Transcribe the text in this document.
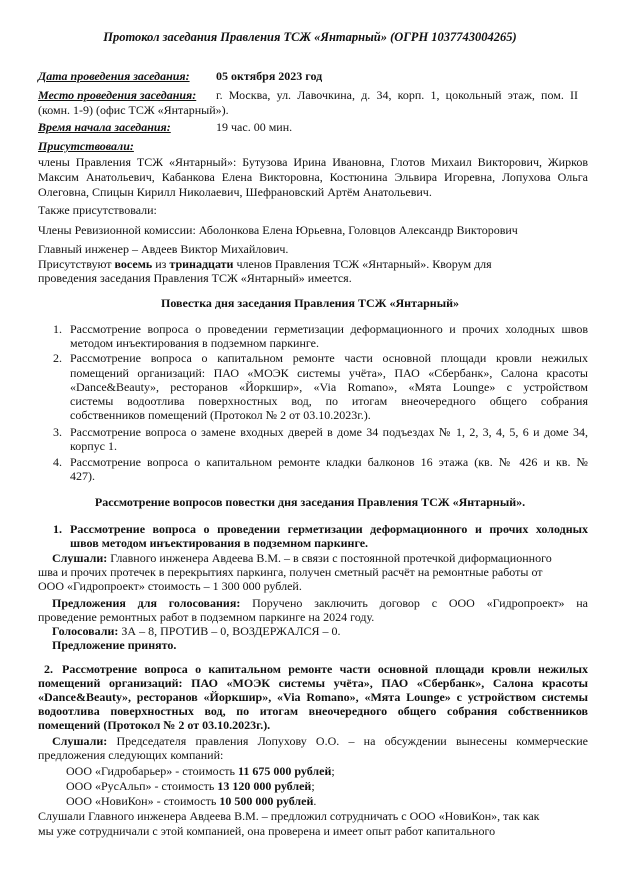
Протокол заседания Правления ТСЖ «Янтарный» (ОГРН 1037743004265)
Дата проведения заседания: 05 октября 2023 год
Место проведения заседания: г. Москва, ул. Лавочкина, д. 34, корп. 1, цокольный этаж, пом. II
(комн. 1-9) (офис ТСЖ «Янтарный»).
Время начала заседания:	19 час. 00 мин.
Присутствовали:
члены Правления ТСЖ «Янтарный»: Бутузова Ирина Ивановна, Глотов Михаил Викторович, Жирков
Максим Анатольевич, Кабанкова Елена Викторовна, Костюнина Эльвира Игоревна, Лопухова Ольга
Олеговна, Спицын Кирилл Николаевич, Шефрановский Артём Анатольевич.
Также присутствовали:
Члены Ревизионной комиссии: Аболонкова Елена Юрьевна, Головцов Александр Викторович
Главный инженер – Авдеев Виктор Михайлович.
Присутствуют восемь из тринадцати членов Правления ТСЖ «Янтарный». Кворум для
проведения заседания Правления ТСЖ «Янтарный» имеется.
Повестка дня заседания Правления ТСЖ «Янтарный»
1. Рассмотрение вопроса о проведении герметизации деформационного и прочих холодных швов
методом инъектирования в подземном паркинге.
2. Рассмотрение вопроса о капитальном ремонте части основной площади кровли нежилых
помещений организаций: ПАО «МОЭК системы учёта», ПАО «Сбербанк», Салона красоты
«Dance&Beauty», ресторанов «Йоркшир», «Via Romano», «Мята Lounge» с устройством
системы водоотлива поверхностных вод, по итогам внеочередного общего собрания
собственников помещений (Протокол № 2 от 03.10.2023г.).
3. Рассмотрение вопроса о замене входных дверей в доме 34 подъездах № 1, 2, 3, 4, 5, 6 и доме 34,
корпус 1.
4. Рассмотрение вопроса о капитальном ремонте кладки балконов 16 этажа (кв. № 426 и кв. №
427).
Рассмотрение вопросов повестки дня заседания Правления ТСЖ «Янтарный».
1. Рассмотрение вопроса о проведении герметизации деформационного и прочих холодных
швов методом инъектирования в подземном паркинге.
Слушали: Главного инженера Авдеева В.М. – в связи с постоянной протечкой диформационного
шва и прочих протечек в перекрытиях паркинга, получен сметный расчёт на ремонтные работы от
ООО «Гидропроект» стоимость – 1 300 000 рублей.
Предложения для голосования: Поручено заключить договор с ООО «Гидропроект» на
проведение ремонтных работ в подземном паркинге на 2024 году.
Голосовали: ЗА – 8, ПРОТИВ – 0, ВОЗДЕРЖАЛСЯ – 0.
Предложение принято.
2. Рассмотрение вопроса о капитальном ремонте части основной площади кровли нежилых
помещений организаций: ПАО «МОЭК системы учёта», ПАО «Сбербанк», Салона красоты
«Dance&Beauty», ресторанов «Йоркшир», «Via Romano», «Мята Lounge» с устройством системы
водоотлива поверхностных вод, по итогам внеочередного общего собрания собственников
помещений (Протокол № 2 от 03.10.2023г.).
Слушали: Председателя правления Лопухову О.О. – на обсуждении вынесены коммерческие
предложения следующих компаний:
ООО «Гидробарьер» - стоимость 11 675 000 рублей;
ООО «РусАльп» - стоимость 13 120 000 рублей;
ООО «НовиКон» - стоимость 10 500 000 рублей.
Слушали Главного инженера Авдеева В.М. – предложил сотрудничать с ООО «НовиКон», так как
мы уже сотрудничали с этой компанией, она проверена и имеет опыт работ капитального
